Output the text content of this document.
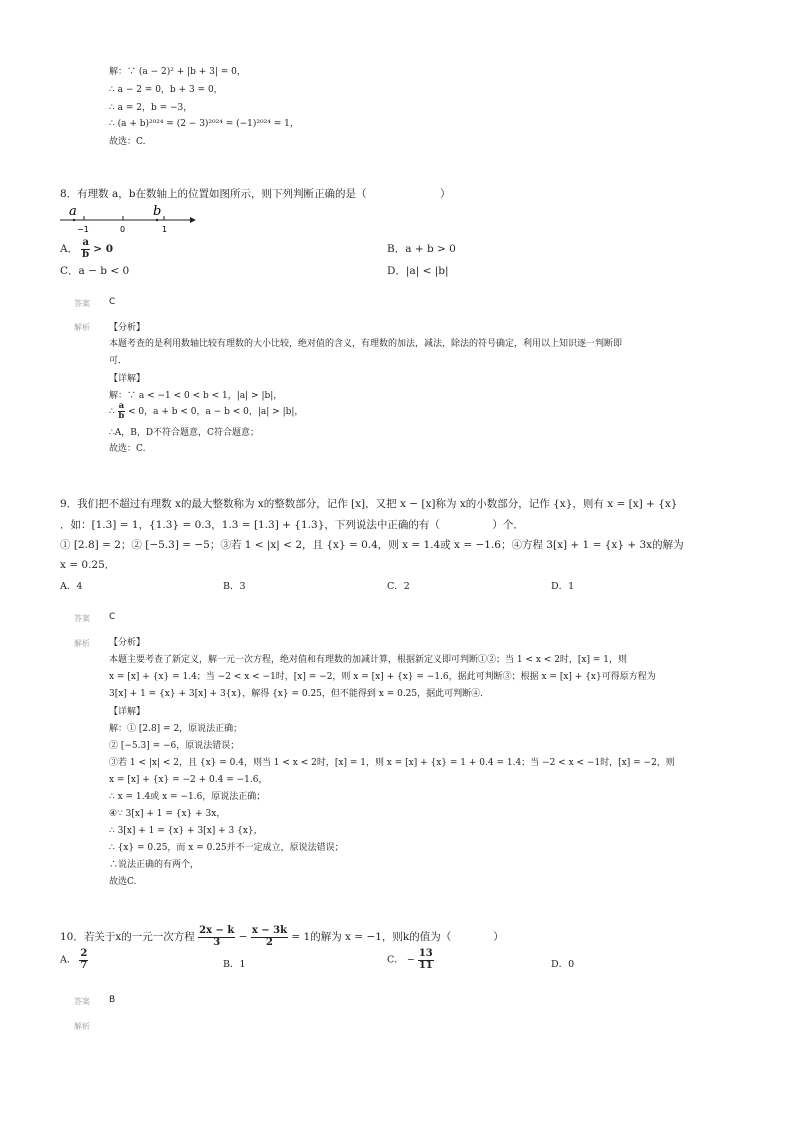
解：∵ (a − 2)² + |b + 3| = 0，
∴ a − 2 = 0，b + 3 = 0，
∴ a = 2，b = −3，
∴ (a + b)²⁰²⁴ = (2 − 3)²⁰²⁴ = (−1)²⁰²⁴ = 1，
故选：C.
8．有理数 a，b在数轴上的位置如图所示，则下列判断正确的是（　　　　　　　）
a	b
−1	0	1
A． $\frac{a}{b} > 0$	B．a + b > 0
C．a − b < 0	D．|a| < |b|
答案 C
解析 【分析】
本题考查的是利用数轴比较有理数的大小比较，绝对值的含义，有理数的加法，减法，除法的符号确定，利用以上知识逐一判断即
可．
【详解】
解：∵ a < −1 < 0 < b < 1，|a| > |b|，
∴ $\frac{a}{b} < 0$，a + b < 0，a − b < 0，|a| > |b|，
∴A，B，D不符合题意，C符合题意；
故选：C.
9．我们把不超过有理数 x的最大整数称为 x的整数部分，记作 [x]，又把 x − [x]称为 x的小数部分，记作 {x}，则有 x = [x] + {x}
．如：[1.3] = 1，{1.3} = 0.3，1.3 = [1.3] + {1.3}，下列说法中正确的有（　　　　　）个．
① [2.8] = 2；② [−5.3] = −5；③若 1 < |x| < 2，且 {x} = 0.4，则 x = 1.4或 x = −1.6；④方程 3[x] + 1 = {x} + 3x的解为
x = 0.25．
A．4	B．3	C．2	D．1
答案 C
解析 【分析】
本题主要考查了新定义，解一元一次方程，绝对值和有理数的加减计算，根据新定义即可判断①②；当 1 < x < 2时，[x] = 1，则
x = [x] + {x} = 1.4；当 −2 < x < −1时，[x] = −2，则 x = [x] + {x} = −1.6，据此可判断③；根据 x = [x] + {x}可得原方程为
3[x] + 1 = {x} + 3[x] + 3{x}，解得 {x} = 0.25，但不能得到 x = 0.25，据此可判断④．
【详解】
解：① [2.8] = 2，原说法正确；
② [−5.3] = −6，原说法错误；
③若 1 < |x| < 2，且 {x} = 0.4，则当 1 < x < 2时，[x] = 1，则 x = [x] + {x} = 1 + 0.4 = 1.4；当 −2 < x < −1时，[x] = −2，则
x = [x] + {x} = −2 + 0.4 = −1.6，
∴ x = 1.4或 x = −1.6，原说法正确；
④∵ 3[x] + 1 = {x} + 3x，
∴ 3[x] + 1 = {x} + 3[x] + 3 {x}，
∴ {x} = 0.25，而 x = 0.25并不一定成立，原说法错误；
∴说法正确的有两个，
故选C.
10．若关于x的一元一次方程 $\frac{2x - k}{3} - \frac{x - 3k}{2} = 1$的解为 x = −1，则k的值为（　　　　）
A． $\frac{2}{7}$	B．1	C． − $\frac{13}{11}$	D．0
答案 B
解析
